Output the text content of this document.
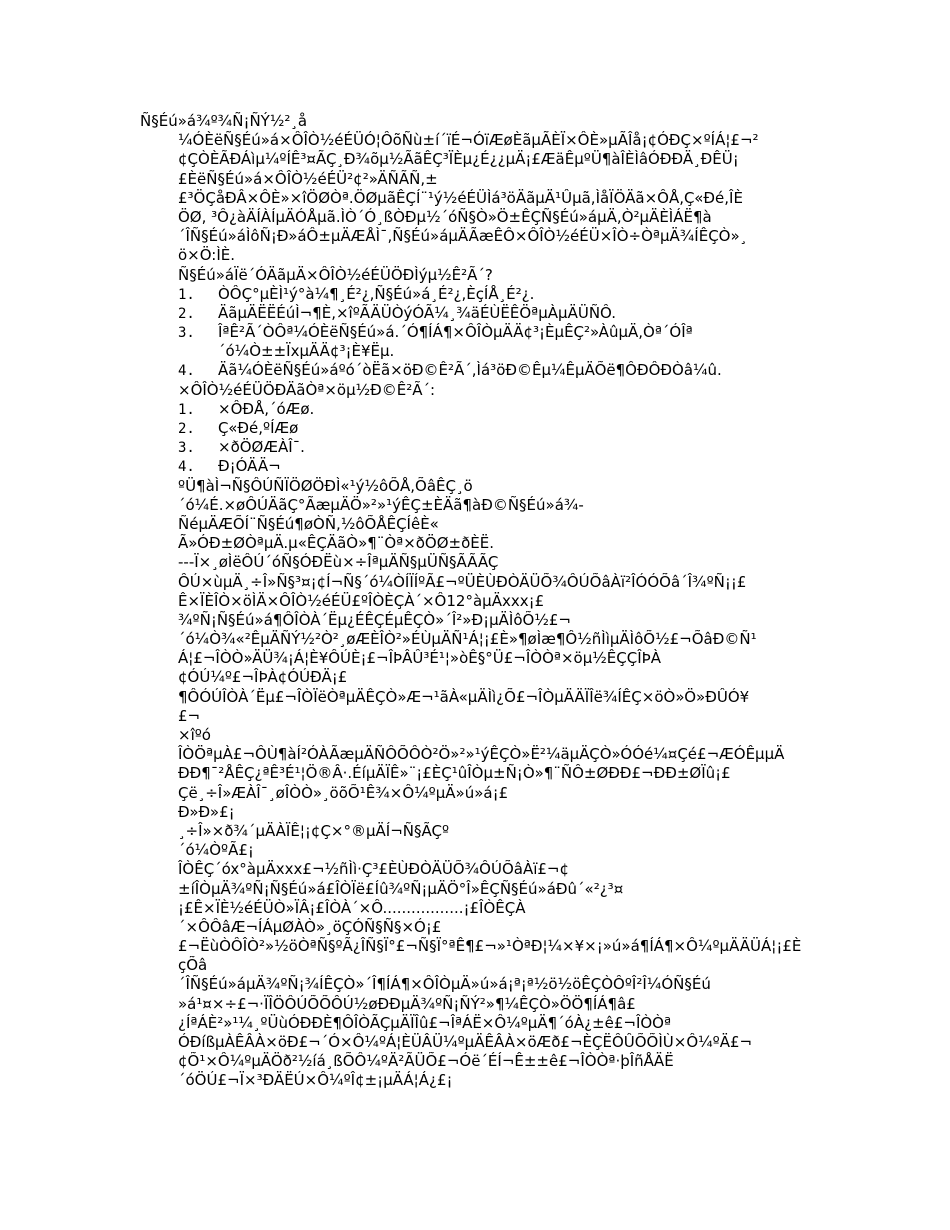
Ñ§Éú»á¾º¾Ñ¡ÑÝ½²¸å
¼ÓÈëÑ§Éú»á×ÔÎÒ½éÉÜÓ¦ÔõÑù±í´ïÉ¬ÓïÆøÈãµÃÈÏ×ÔÈ»µÃÎå¡¢ÓÐÇ×ºÍÁ¦£¬²
¢ÇÒÈÃÐÁìµ¼ºÍÊ³¤ÃÇ¸Ð¾õµ½ÃãÊÇ³ÏÈµ¿É¿¿µÄ¡£ÆäÊµºÜ¶àÎÈÌâÓÐÐÄ¸ÐÊÜ¡
£ÈëÑ§Éú»á×ÔÎÒ½éÉÜ²¢²»ÄÑÃÑ,±
£³ÖÇåÐÂ×ÔÈ»×îÖØÒª.ÖØµãÊÇÍ¨¹ý½éÉÜÌá³öÄãµÄ¹Ûµã,ÌåÏÖÄã×ÔÅ,Ç«Ðé,ÎÈ
ÖØ, ³Ô¿àÄÍÀÍµÄÓÅµã.ÌÒ´Ó¸ßÒÐµ½´óÑ§Ò»Ö±ÊÇÑ§Éú»áµÄ,Ò²µÄÈÌÁË¶à
´ÎÑ§Éú»áÌôÑ¡Ð»áÔ±µÄÆÅÌ¯,Ñ§Éú»áµÄÃæÊÔ×ÔÎÒ½éÉÜ×ÎÒ÷ÒªµÄ¾ÍÊÇÒ»¸
ö×Ö:ÌÈ.
Ñ§Éú»áÏë´ÓÄãµÄ×ÔÎÒ½éÉÜÖÐÌýµ½Ê²Ã´?
1. ÒÔÇ°µÈÌ¹ý°à¼¶¸É²¿,Ñ§Éú»á¸É²¿,ÈçÍÅ¸É²¿.
2. ÄãµÄËËÉúÌ¬¶È,×îºÃÄÜÒýÓÃ¼¸¾äÉÙËÊÖªµÀµÄÜÑÔ.
3. ÎªÊ²Ã´ÒÔª¼ÓÈëÑ§Éú»á.´Ó¶ÍÁ¶×ÔÎÒµÄÄ¢³¡ÈµÊÇ²»ÀûµÄ,Òª´ÓÎª
´ó¼Ò±±ÏxµÄÄ¢³¡È¥Ëµ.
4. Äã¼ÓÈëÑ§Éú»áºó´òËã×öÐ©Ê²Ã´,Ìá³öÐ©Êµ¼ÊµÄÕë¶ÔÐÔÐÒâ¼û.
×ÔÎÒ½éÉÜÖÐÄãÒª×öµ½Ð©Ê²Ã´:
1. ×ÔÐÅ,´óÆø.
2. Ç«Ðé,ºÍÆø
3. ×ðÖØÆÀÎ¯.
4. Ð¡ÓÄÄ¬
ºÜ¶àÌ¬Ñ§ÔÚÑÏÖØÖÐÌ«¹ý½ôÕÅ,ÕâÊÇ¸ö
´ó¼É.×øÔÚÄãÇ°ÃæµÄÖ»²»¹ýÊÇ±ÈÄã¶àÐ©Ñ§Éú»á¾-
ÑéµÄÆÕÍ¨Ñ§Éú¶øÒÑ,½ôÕÅÊÇÍêÈ«
Ã»ÓÐ±ØÒªµÄ.µ«ÊÇÄãÒ»¶¨Òª×ðÖØ±ðÈË.
---Ï×¸øÌëÔÚ´óÑ§ÓÐËù×÷ÎªµÄÑ§µÜÑ§ÃÃÃÇ
ÔÚ×ùµÄ¸÷Î»Ñ§³¤¡¢Í¬Ñ§´ó¼ÒÍÏÍºÃ£¬ºÜÈÙÐÒÄÜÕ¾ÔÚÕâÀï²ÎÓÓÕâ´Î¾ºÑ¡¡£
Ê×ÏÈÎÒ×öÌÄ×ÔÎÒ½éÉÜ£ºÎÒÈÇÀ´×Ô12°àµÄxxx¡£
¾ºÑ¡Ñ§Éú»á¶ÔÎÒÀ´Ëµ¿ÉÊÇÉµÊÇÒ»´Î²»Ð¡µÄÌôÕ½£¬
´ó¼Ò¾«²ÊµÄÑÝ½²Ò²¸øÆÈÎÒ²»ÉÙµÄÑ¹Á¦¡£È»¶øÌæ¶Ô½ñÌìµÄÌôÕ½£¬ÕâÐ©Ñ¹
Á¦£¬ÎÒÒ»ÄÜ¾¡Á¦È¥ÔÚÈ¡£¬ÎÞÂÛ³É¹¦»òÊ§°Ü£¬ÎÒÒª×öµ½ÊÇÇÎÞÀ
¢ÓÚ¼º£¬ÎÞÀ¢ÓÚÐÄ¡£
¶ÔÓÚÎÒÀ´Ëµ£¬ÎÒÏëÒªµÄÊÇÒ»Æ¬¹ãÀ«µÄÌì¿Õ£¬ÎÒµÄÄÏÎë¾ÍÊÇ×öÒ»Ö»ÐÛÓ¥
£¬
×îºó
ÎÒÖªµÀ£¬ÔÙ¶àÍ²ÓÀÃæµÄÑÔÕÔÒ²Ö»²»¹ýÊÇÒ»Ë²¼äµÄÇÒ»ÓÓé¼¤Çé£¬ÆÓÊµµÄ
ÐÐ¶¯²ÅÊÇ¿ªÊ³É¹¦Ö®Â·.ÉíµÄÏÊ»¨¡£ÈÇ¹ûÎÒµ±Ñ¡Ò»¶¨ÑÔ±ØÐÐ£¬ÐÐ±ØÏû¡£
Çë¸÷Î»ÆÀÎ¯¸øÎÒÒ»¸öõÕ¹Ê¾×Ô¼ºµÄ»ú»á¡£
Ð»Ð»£¡
¸÷Î»×ð¾´µÄÀÏÊ¦¡¢Ç×°®µÄÍ¬Ñ§ÃÇº
´ó¼ÒºÃ£¡
ÎÒÊÇ´óx°àµÄxxx£¬½ñÌì·Ç³£ÈÙÐÒÄÜÕ¾ÔÚÕâÀï£¬¢
±íÎÒµÄ¾ºÑ¡Ñ§Éú»á£ÎÒÏë£Íû¾ºÑ¡µÄÖ°Î»ÊÇÑ§Éú»áÐû´«²¿³¤
¡£Ê×ÏÈ½éÉÜÒ»ÏÂ¡£ÎÒÀ´×Ô.................¡£ÎÒÊÇÀ
´×ÔÔâÆ¬ÍÁµØÀÒ»¸öÇÓÑ§Ñ§×Ó¡£
£¬ËùÒÔÎÒ²»½öÒªÑ§ºÃ¿ÎÑ§Ï°£¬Ñ§Ï°ªÊ¶£¬»¹ÒªÐ¦¼×¥×¡»ú»á¶ÍÁ¶×Ô¼ºµÄÄÜÁ¦¡£È
çÕâ
´ÎÑ§Éú»áµÄ¾ºÑ¡¾ÍÊÇÒ»´Î¶ÍÁ¶×ÔÎÒµÄ»ú»á¡ª¡ª½ö½öÊÇÒÔºÎ²Î¼ÓÑ§Éú
»á¹¤×÷£¬·ÏÎÖÔÚÕÕÔÚ½øÐÐµÄ¾ºÑ¡ÑÝ²»¶¼ÊÇÒ»ÖÖ¶ÍÁ¶â£
¿ÍªÁÈ²»¹¼¸ºÜùÓÐÐÈ¶ÔÎÒÃÇµÄÏÎû£¬ÎªÁË×Ô¼ºµÄ¶´óÀ¿±ê£¬ÎÒÒª
ÓÐíßµÀÊÂÀ×öÐ£¬´Ó×Ô¼ºÁ¦ÈÜÂÜ¼ºµÄÊÂÀ×öÆð£¬ÈÇËÔÛÕÕÌÙ×Ô¼ºÄ£¬
¢Õ¹×Ô¼ºµÄÖð²½íá¸ßÕÔ¼ºÄ²ÃÜÕ£¬Óë´ÉÍ¬Ê±±ê£¬ÎÒÒª·þÎñÅÄË
´óÖÚ£¬Ï×³ÐÄËÚ×Ô¼ºÎ¢±¡µÄÁ¦Á¿£¡
